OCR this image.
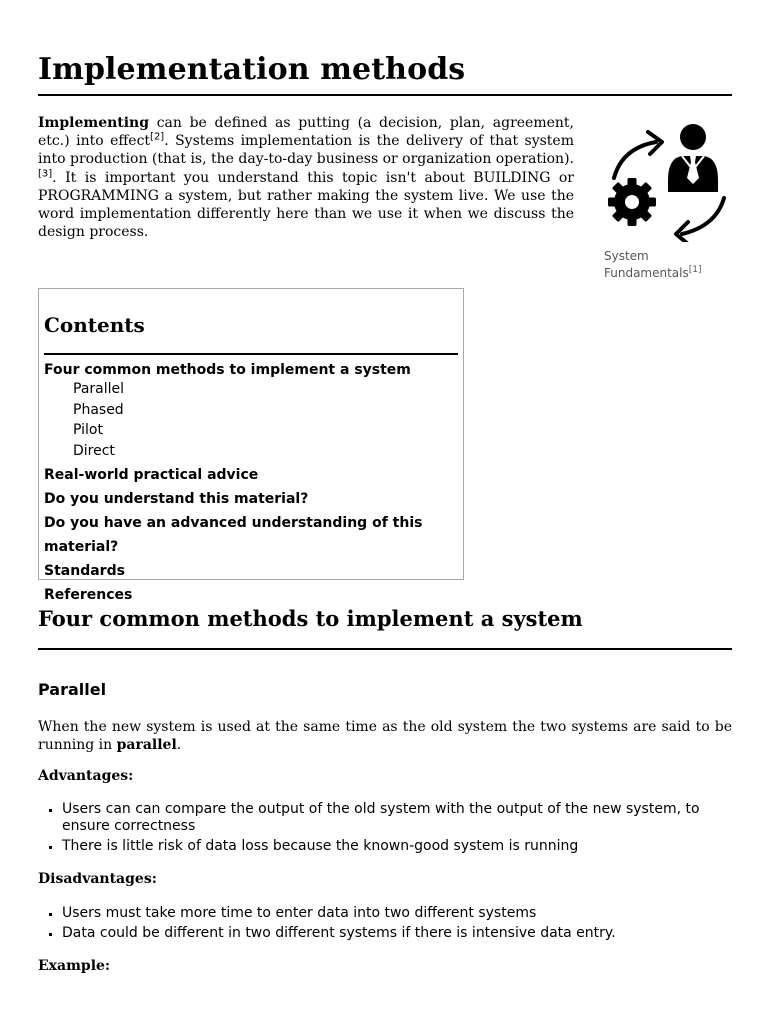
Implementation methods

Implementing can be defined as putting (a decision, plan, agreement, etc.) into effect[2]. Systems implementation is the delivery of that system into production (that is, the day-to-day business or organization operation).[3]. It is important you understand this topic isn't about BUILDING or PROGRAMMING a system, but rather making the system live. We use the word implementation differently here than we use it when we discuss the design process.

System Fundamentals[1]
Contents
Four common methods to implement a system
Parallel
Phased
Pilot
Direct
Real-world practical advice
Do you understand this material?
Do you have an advanced understanding of this material?
Standards
References
Four common methods to implement a system
Parallel

When the new system is used at the same time as the old system the two systems are said to be running in parallel.

Advantages:

▪ Users can can compare the output of the old system with the output of the new system, to ensure correctness
▪ There is little risk of data loss because the known-good system is running

Disadvantages:

▪ Users must take more time to enter data into two different systems
▪ Data could be different in two different systems if there is intensive data entry.

Example:
